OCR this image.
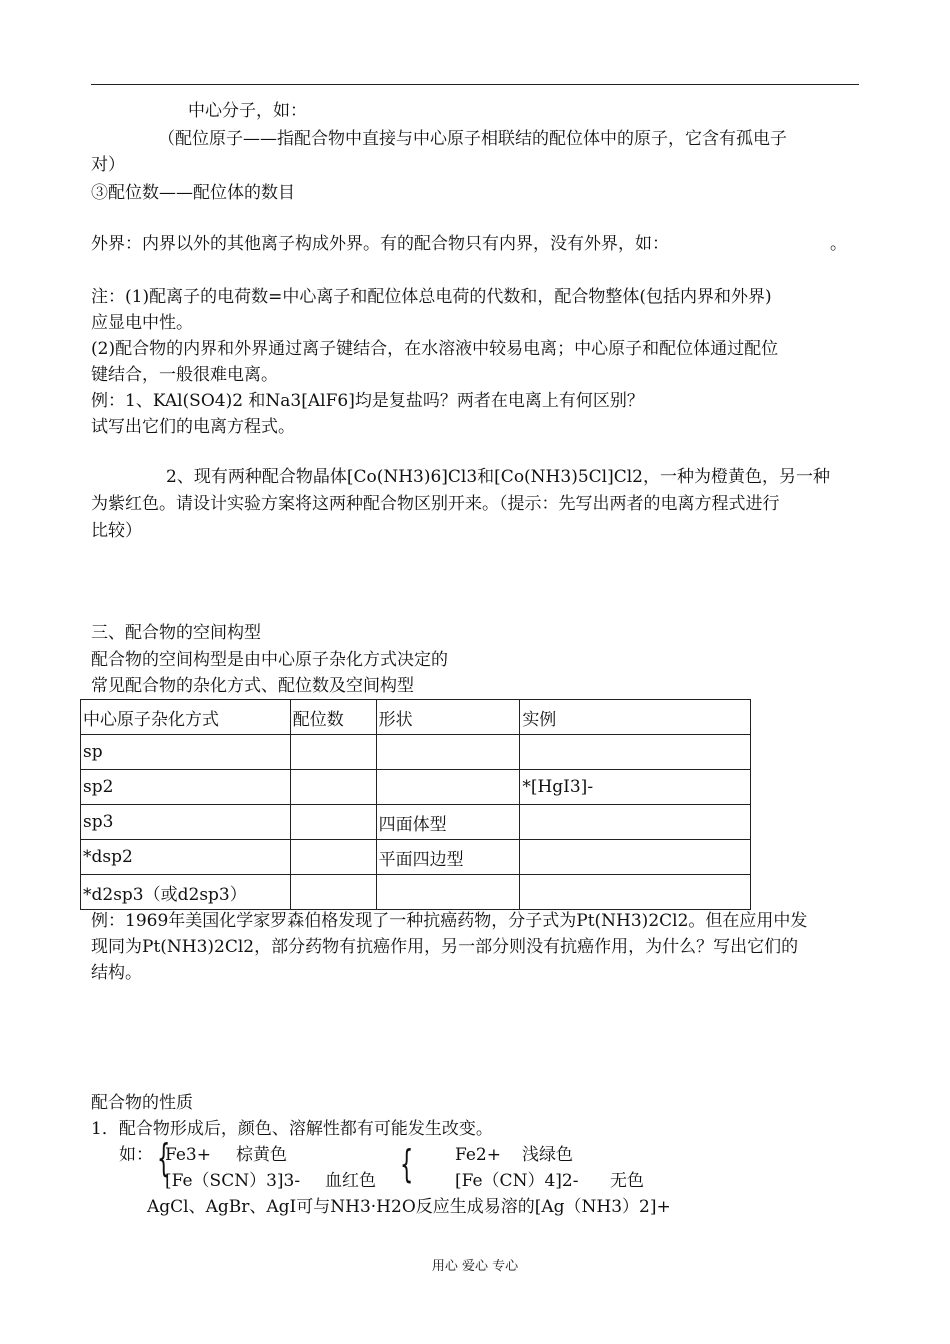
中心分子，如：
（配位原子——指配合物中直接与中心原子相联结的配位体中的原子，它含有孤电子
对）
③配位数——配位体的数目
外界：内界以外的其他离子构成外界。有的配合物只有内界，没有外界，如：	。
注：(1)配离子的电荷数=中心离子和配位体总电荷的代数和，配合物整体(包括内界和外界)
应显电中性。
(2)配合物的内界和外界通过离子键结合，在水溶液中较易电离；中心原子和配位体通过配位
键结合，一般很难电离。
例：1、KAl(SO4)2 和Na3[AlF6]均是复盐吗？两者在电离上有何区别？
试写出它们的电离方程式。
2、现有两种配合物晶体[Co(NH3)6]Cl3和[Co(NH3)5Cl]Cl2，一种为橙黄色，另一种
为紫红色。请设计实验方案将这两种配合物区别开来。（提示：先写出两者的电离方程式进行
比较）
三、配合物的空间构型
配合物的空间构型是由中心原子杂化方式决定的
常见配合物的杂化方式、配位数及空间构型
中心原子杂化方式	配位数	形状	实例
sp			
sp2			*[HgI3]-
sp3		四面体型	
*dsp2		平面四边型	
*d2sp3（或d2sp3）			
例：1969年美国化学家罗森伯格发现了一种抗癌药物，分子式为Pt(NH3)2Cl2。但在应用中发
现同为Pt(NH3)2Cl2，部分药物有抗癌作用，另一部分则没有抗癌作用，为什么？写出它们的
结构。
配合物的性质
1．配合物形成后，颜色、溶解性都有可能发生改变。
如： {
Fe3+ 棕黄色
[Fe（SCN）3]3- 血红色 { Fe2+ 浅绿色
[Fe（CN）4]2- 无色
AgCl、AgBr、AgI可与NH3·H2O反应生成易溶的[Ag（NH3）2]+
用心 爱心 专心
